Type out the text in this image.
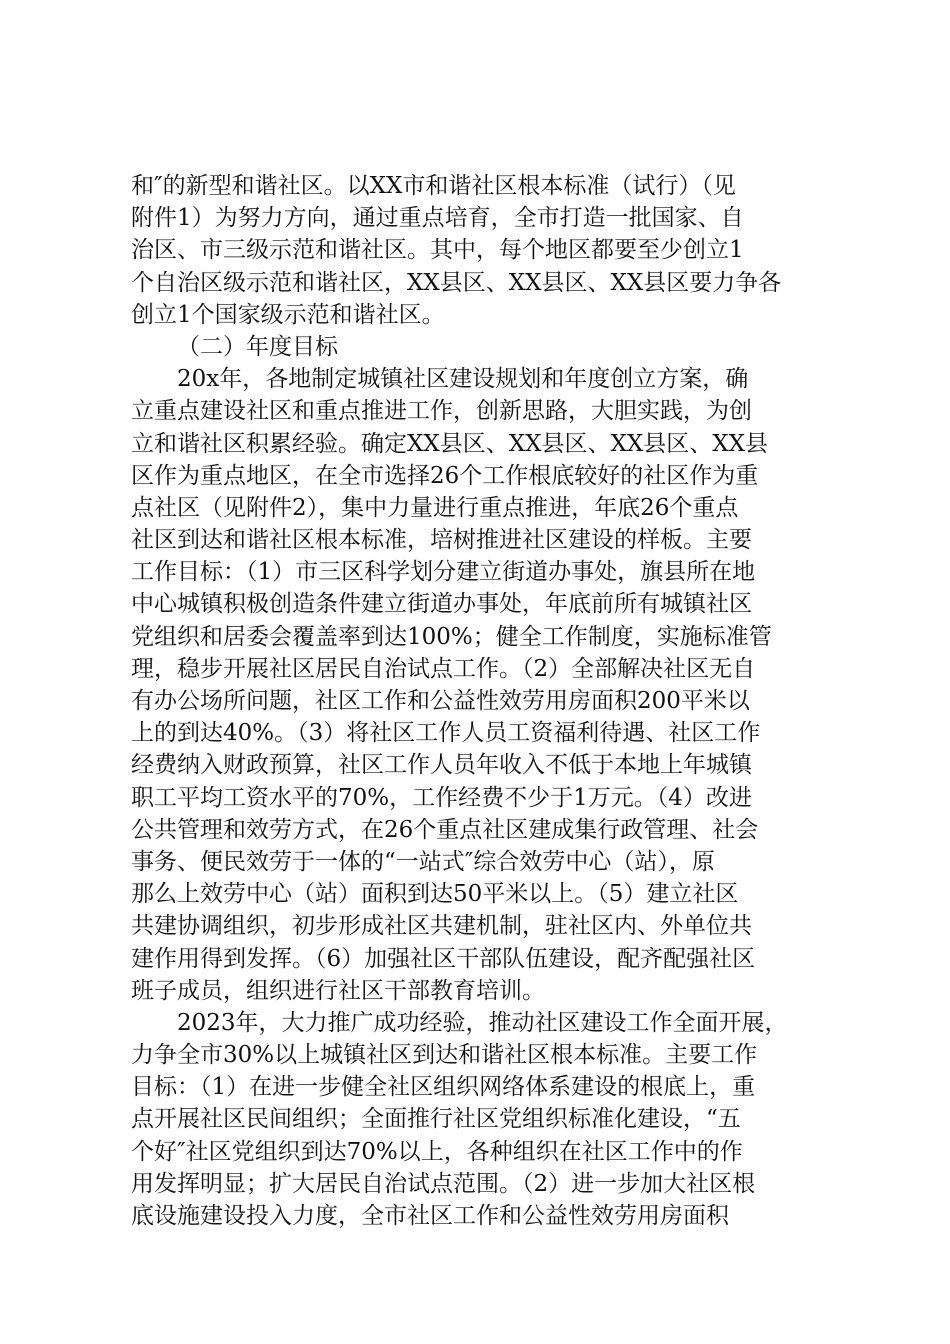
和″的新型和谐社区。以XX市和谐社区根本标准（试行）（见
附件1）为努力方向，通过重点培育，全市打造一批国家、自
治区、市三级示范和谐社区。其中，每个地区都要至少创立1
个自治区级示范和谐社区，XX县区、XX县区、XX县区要力争各
创立1个国家级示范和谐社区。
（二）年度目标
20x年，各地制定城镇社区建设规划和年度创立方案，确
立重点建设社区和重点推进工作，创新思路，大胆实践，为创
立和谐社区积累经验。确定XX县区、XX县区、XX县区、XX县
区作为重点地区，在全市选择26个工作根底较好的社区作为重
点社区（见附件2），集中力量进行重点推进，年底26个重点
社区到达和谐社区根本标准，培树推进社区建设的样板。主要
工作目标：（1）市三区科学划分建立街道办事处，旗县所在地
中心城镇积极创造条件建立街道办事处，年底前所有城镇社区
党组织和居委会覆盖率到达100%；健全工作制度，实施标准管
理，稳步开展社区居民自治试点工作。（2）全部解决社区无自
有办公场所问题，社区工作和公益性效劳用房面积200平米以
上的到达40%。（3）将社区工作人员工资福利待遇、社区工作
经费纳入财政预算，社区工作人员年收入不低于本地上年城镇
职工平均工资水平的70%，工作经费不少于1万元。（4）改进
公共管理和效劳方式，在26个重点社区建成集行政管理、社会
事务、便民效劳于一体的“一站式″综合效劳中心（站），原
那么上效劳中心（站）面积到达50平米以上。（5）建立社区
共建协调组织，初步形成社区共建机制，驻社区内、外单位共
建作用得到发挥。（6）加强社区干部队伍建设，配齐配强社区
班子成员，组织进行社区干部教育培训。
2023年，大力推广成功经验，推动社区建设工作全面开展，
力争全市30%以上城镇社区到达和谐社区根本标准。主要工作
目标：（1）在进一步健全社区组织网络体系建设的根底上，重
点开展社区民间组织；全面推行社区党组织标准化建设，“五
个好″社区党组织到达70%以上，各种组织在社区工作中的作
用发挥明显；扩大居民自治试点范围。（2）进一步加大社区根
底设施建设投入力度，全市社区工作和公益性效劳用房面积
